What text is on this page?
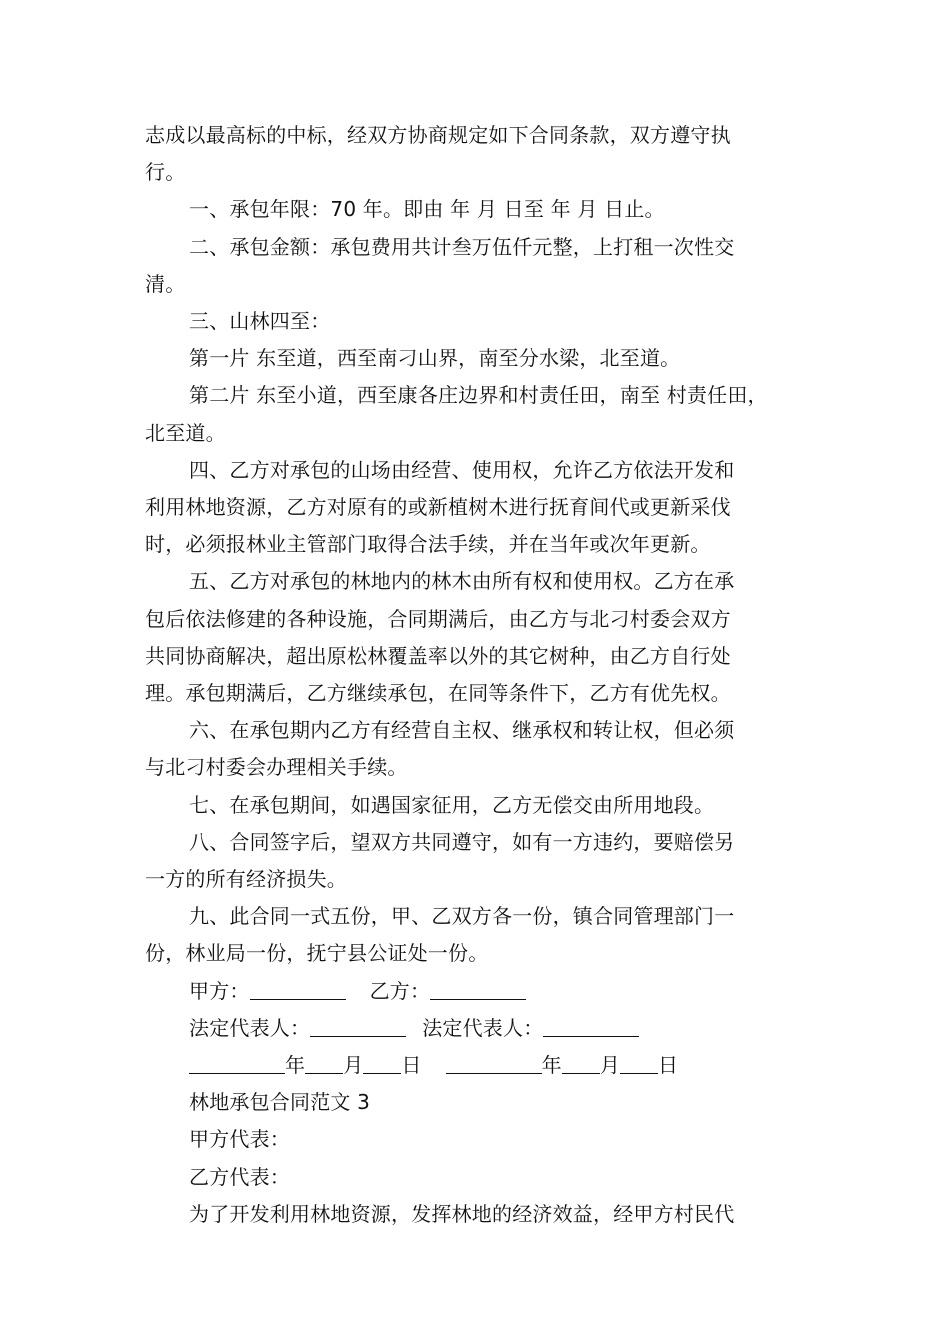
志成以最高标的中标，经双方协商规定如下合同条款，双方遵守执

行。

一、承包年限：70 年。即由 年 月 日至 年 月 日止。

二、承包金额：承包费用共计叁万伍仟元整，上打租一次性交

清。

三、山林四至：

第一片 东至道，西至南刁山界，南至分水梁，北至道。

第二片 东至小道，西至康各庄边界和村责任田，南至 村责任田，

北至道。

四、乙方对承包的山场由经营、使用权，允许乙方依法开发和

利用林地资源，乙方对原有的或新植树木进行抚育间代或更新采伐

时，必须报林业主管部门取得合法手续，并在当年或次年更新。

五、乙方对承包的林地内的林木由所有权和使用权。乙方在承

包后依法修建的各种设施，合同期满后，由乙方与北刁村委会双方

共同协商解决，超出原松林覆盖率以外的其它树种，由乙方自行处

理。承包期满后，乙方继续承包，在同等条件下，乙方有优先权。

六、在承包期内乙方有经营自主权、继承权和转让权，但必须

与北刁村委会办理相关手续。

七、在承包期间，如遇国家征用，乙方无偿交由所用地段。

八、合同签字后，望双方共同遵守，如有一方违约，要赔偿另

一方的所有经济损失。

九、此合同一式五份，甲、乙双方各一份，镇合同管理部门一

份，林业局一份，抚宁县公证处一份。

甲方：	乙方：

法定代表人：	法定代表人：

年 月 日	年 月 日

林地承包合同范文 3

甲方代表：

乙方代表：

为了开发利用林地资源，发挥林地的经济效益，经甲方村民代
